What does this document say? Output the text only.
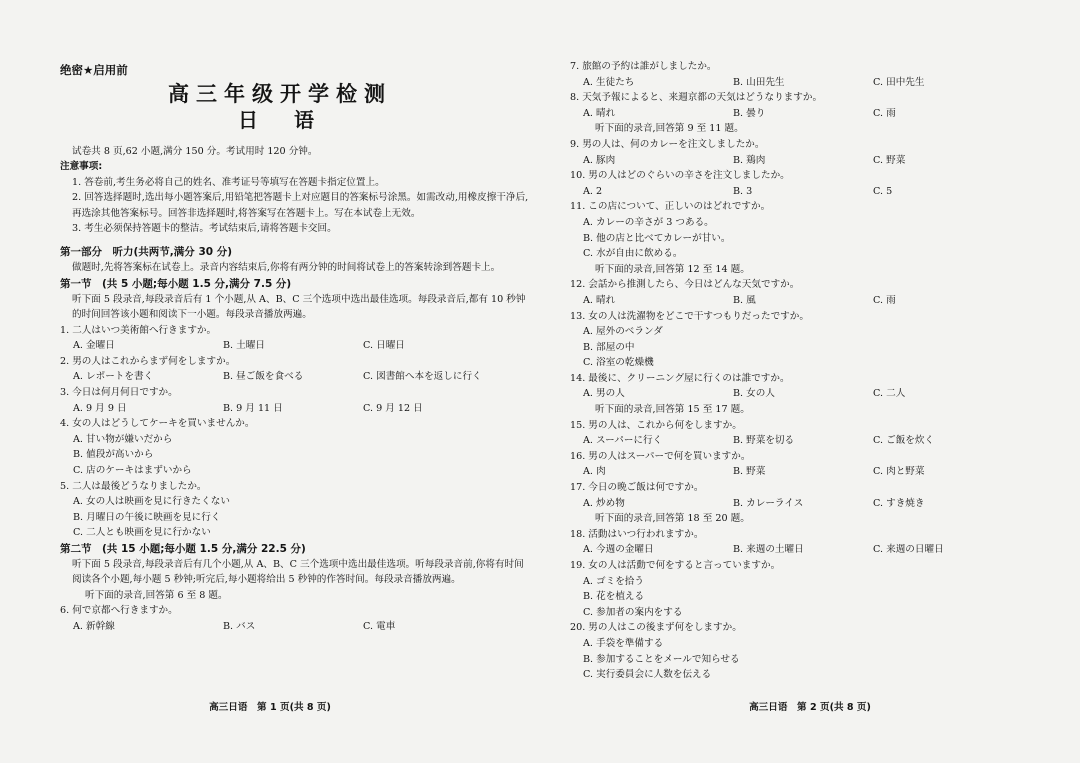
绝密★启用前
高三年级开学检测
日　语
试卷共 8 页,62 小题,满分 150 分。考试用时 120 分钟。
注意事项:
1. 答卷前,考生务必将自己的姓名、准考证号等填写在答题卡指定位置上。
2. 回答选择题时,选出每小题答案后,用铅笔把答题卡上对应题目的答案标号涂黑。如需改动,用橡皮擦干净后,再选涂其他答案标号。回答非选择题时,将答案写在答题卡上。写在本试卷上无效。
3. 考生必须保持答题卡的整洁。考试结束后,请将答题卡交回。
第一部分　听力(共两节,满分 30 分)
做题时,先将答案标在试卷上。录音内容结束后,你将有两分钟的时间将试卷上的答案转涂到答题卡上。
第一节　(共 5 小题;每小题 1.5 分,满分 7.5 分)
听下面 5 段录音,每段录音后有 1 个小题,从 A、B、C 三个选项中选出最佳选项。每段录音后,都有 10 秒钟的时间回答该小题和阅读下一小题。每段录音播放两遍。
1. 二人はいつ美術館へ行きますか。
A. 金曜日	B. 土曜日	C. 日曜日
2. 男の人はこれからまず何をしますか。
A. レポートを書く	B. 昼ご飯を食べる	C. 図書館へ本を返しに行く
3. 今日は何月何日ですか。
A. 9 月 9 日	B. 9 月 11 日	C. 9 月 12 日
4. 女の人はどうしてケーキを買いませんか。
A. 甘い物が嫌いだから
B. 値段が高いから
C. 店のケーキはまずいから
5. 二人は最後どうなりましたか。
A. 女の人は映画を見に行きたくない
B. 月曜日の午後に映画を見に行く
C. 二人とも映画を見に行かない
第二节　(共 15 小题;每小题 1.5 分,满分 22.5 分)
听下面 5 段录音,每段录音后有几个小题,从 A、B、C 三个选项中选出最佳选项。听每段录音前,你将有时间阅读各个小题,每小题 5 秒钟;听完后,每小题将给出 5 秒钟的作答时间。每段录音播放两遍。
听下面的录音,回答第 6 至 8 题。
6. 何で京都へ行きますか。
A. 新幹線	B. バス	C. 電車
高三日语　第 1 页(共 8 页)
7. 旅館の予約は誰がしましたか。
A. 生徒たち	B. 山田先生	C. 田中先生
8. 天気予報によると、来週京都の天気はどうなりますか。
A. 晴れ	B. 曇り	C. 雨
听下面的录音,回答第 9 至 11 题。
9. 男の人は、何のカレーを注文しましたか。
A. 豚肉	B. 鶏肉	C. 野菜
10. 男の人はどのぐらいの辛さを注文しましたか。
A. 2	B. 3	C. 5
11. この店について、正しいのはどれですか。
A. カレーの辛さが 3 つある。
B. 他の店と比べてカレーが甘い。
C. 水が自由に飲める。
听下面的录音,回答第 12 至 14 题。
12. 会話から推測したら、今日はどんな天気ですか。
A. 晴れ	B. 風	C. 雨
13. 女の人は洗濯物をどこで干すつもりだったですか。
A. 屋外のベランダ
B. 部屋の中
C. 浴室の乾燥機
14. 最後に、クリーニング屋に行くのは誰ですか。
A. 男の人	B. 女の人	C. 二人
听下面的录音,回答第 15 至 17 题。
15. 男の人は、これから何をしますか。
A. スーパーに行く	B. 野菜を切る	C. ご飯を炊く
16. 男の人はスーパーで何を買いますか。
A. 肉	B. 野菜	C. 肉と野菜
17. 今日の晩ご飯は何ですか。
A. 炒め物	B. カレーライス	C. すき焼き
听下面的录音,回答第 18 至 20 题。
18. 活動はいつ行われますか。
A. 今週の金曜日	B. 来週の土曜日	C. 来週の日曜日
19. 女の人は活動で何をすると言っていますか。
A. ゴミを拾う
B. 花を植える
C. 参加者の案内をする
20. 男の人はこの後まず何をしますか。
A. 手袋を準備する
B. 参加することをメールで知らせる
C. 実行委員会に人数を伝える
高三日语　第 2 页(共 8 页)
